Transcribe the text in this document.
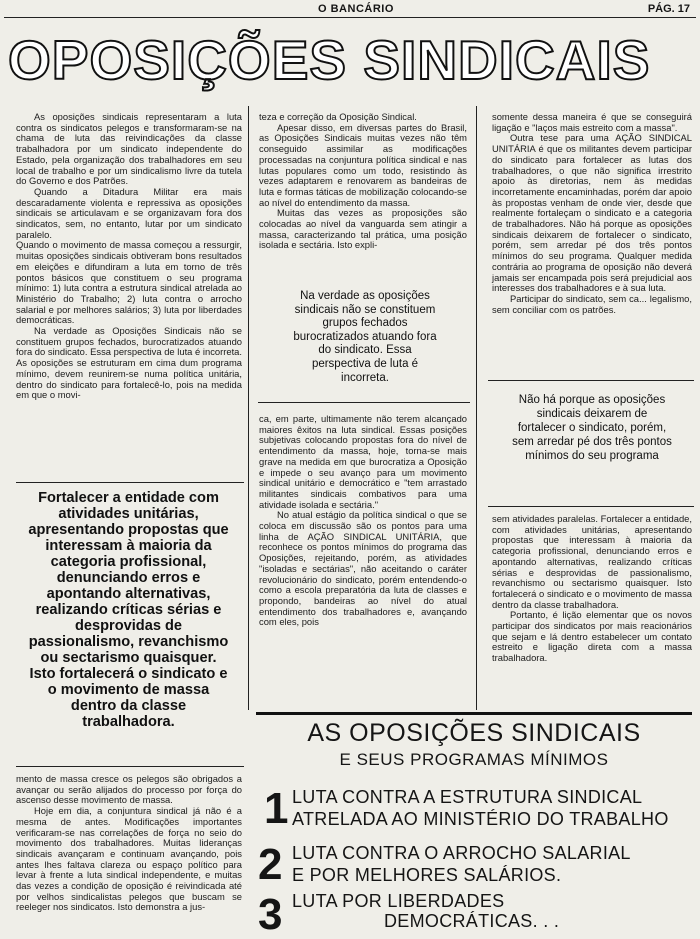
O BANCÁRIO	PÁG. 17
OPOSIÇÕES SINDICAIS

As oposições sindicais representaram a luta contra os sindicatos pelegos e transformaram-se na chama de luta das reivindicações da classe trabalhadora por um sindicato independente do Estado, pela organização dos trabalhadores em seu local de trabalho e por um sindicalismo livre da tutela do Governo e dos Patrões.

Quando a Ditadura Militar era mais descaradamente violenta e repressiva as oposições sindicais se articulavam e se organizavam fora dos sindicatos, sem, no entanto, lutar por um sindicato paralelo.

Quando o movimento de massa começou a ressurgir, muitas oposições sindicais obtiveram bons resultados em eleições e difundiram a luta em torno de três pontos básicos que constituem o seu programa mínimo: 1) luta contra a estrutura sindical atrelada ao Ministério do Trabalho; 2) luta contra o arrocho salarial e por melhores salários; 3) luta por liberdades democráticas.

Na verdade as Oposições Sindicais não se constituem grupos fechados, burocratizados atuando fora do sindicato. Essa perspectiva de luta é incorreta. As oposições se estruturam em cima dum programa mínimo, devem reunirem-se numa política unitária, dentro do sindicato para fortalecê-lo, pois na medida em que o movi-

Fortalecer a entidade com atividades unitárias, apresentando propostas que interessam à maioria da categoria profissional, denunciando erros e apontando alternativas, realizando críticas sérias e desprovidas de passionalismo, revanchismo ou sectarismo quaisquer. Isto fortalecerá o sindicato e o movimento de massa dentro da classe trabalhadora.

mento de massa cresce os pelegos são obrigados a avançar ou serão alijados do processo por força do ascenso desse movimento de massa.

Hoje em dia, a conjuntura sindical já não é a mesma de antes. Modificações importantes verificaram-se nas correlações de força no seio do movimento dos trabalhadores. Muitas lideranças sindicais avançaram e continuam avançando, pois antes lhes faltava clareza ou espaço político para levar à frente a luta sindical independente, e muitas das vezes a condição de oposição é reivindicada até por velhos sindicalistas pelegos que buscam se reeleger nos sindicatos. Isto demonstra a jus-

teza e correção da Oposição Sindical.

Apesar disso, em diversas partes do Brasil, as Oposições Sindicais muitas vezes não têm conseguido assimilar as modificações processadas na conjuntura política sindical e nas lutas populares como um todo, resistindo às vezes adaptarem e renovarem as bandeiras de luta e formas táticas de mobilização colocando-se ao nível do entendimento da massa.

Muitas das vezes as proposições são colocadas ao nível da vanguarda sem atingir a massa, caracterizando tal prática, uma posição isolada e sectária. Isto expli-

Na verdade as oposições sindicais não se constituem grupos fechados burocratizados atuando fora do sindicato. Essa perspectiva de luta é incorreta.

ca, em parte, ultimamente não terem alcançado maiores êxitos na luta sindical. Essas posições subjetivas colocando propostas fora do nível de entendimento da massa, hoje, torna-se mais grave na medida em que burocratiza a Oposição e impede o seu avanço para um movimento sindical unitário e democrático e "tem arrastado militantes sindicais combativos para uma atividade isolada e sectária."

No atual estágio da política sindical o que se coloca em discussão são os pontos para uma linha de AÇÃO SINDICAL UNITÁRIA, que reconhece os pontos mínimos do programa das Oposições, rejeitando, porém, as atividades "isoladas e sectárias", não aceitando o caráter revolucionário do sindicato, porém entendendo-o como a escola preparatória da luta de classes e propondo, bandeiras ao nível do atual entendimento dos trabalhadores e, avançando com eles, pois

somente dessa maneira é que se conseguirá ligação e "laços mais estreito com a massa".

Outra tese para uma AÇÃO SINDICAL UNITÁRIA é que os militantes devem participar do sindicato para fortalecer as lutas dos trabalhadores, o que não significa irrestrito apoio às diretorias, nem às medidas incorretamente encaminhadas, porém dar apoio às propostas venham de onde vier, desde que realmente fortaleçam o sindicato e a categoria de trabalhadores. Não há porque as oposições sindicais deixarem de fortalecer o sindicato, porém, sem arredar pé dos três pontos mínimos do seu programa. Qualquer medida contrária ao programa de oposição não deverá jamais ser encampada pois será prejudicial aos interesses dos trabalhadores e à sua luta.

Participar do sindicato, sem ca... legalismo, sem conciliar com os patrões.

Não há porque as oposições sindicais deixarem de fortalecer o sindicato, porém, sem arredar pé dos três pontos mínimos do seu programa

sem atividades paralelas. Fortalecer a entidade, com atividades unitárias, apresentando propostas que interessam à maioria da categoria profissional, denunciando erros e apontando alternativas, realizando críticas sérias e desprovidas de passionalismo, revanchismo ou sectarismo quaisquer. Isto fortalecerá o sindicato e o movimento de massa dentro da classe trabalhadora.

Portanto, é lição elementar que os novos participar dos sindicatos por mais reacionários que sejam e lá dentro estabelecer um contato estreito e ligação direta com a massa trabalhadora.

AS OPOSIÇÕES SINDICAIS
E SEUS PROGRAMAS MÍNIMOS
1 LUTA CONTRA A ESTRUTURA SINDICAL
ATRELADA AO MINISTÉRIO DO TRABALHO
2 LUTA CONTRA O ARROCHO SALARIAL
E POR MELHORES SALÁRIOS.
3 LUTA POR LIBERDADES
DEMOCRÁTICAS. . .
